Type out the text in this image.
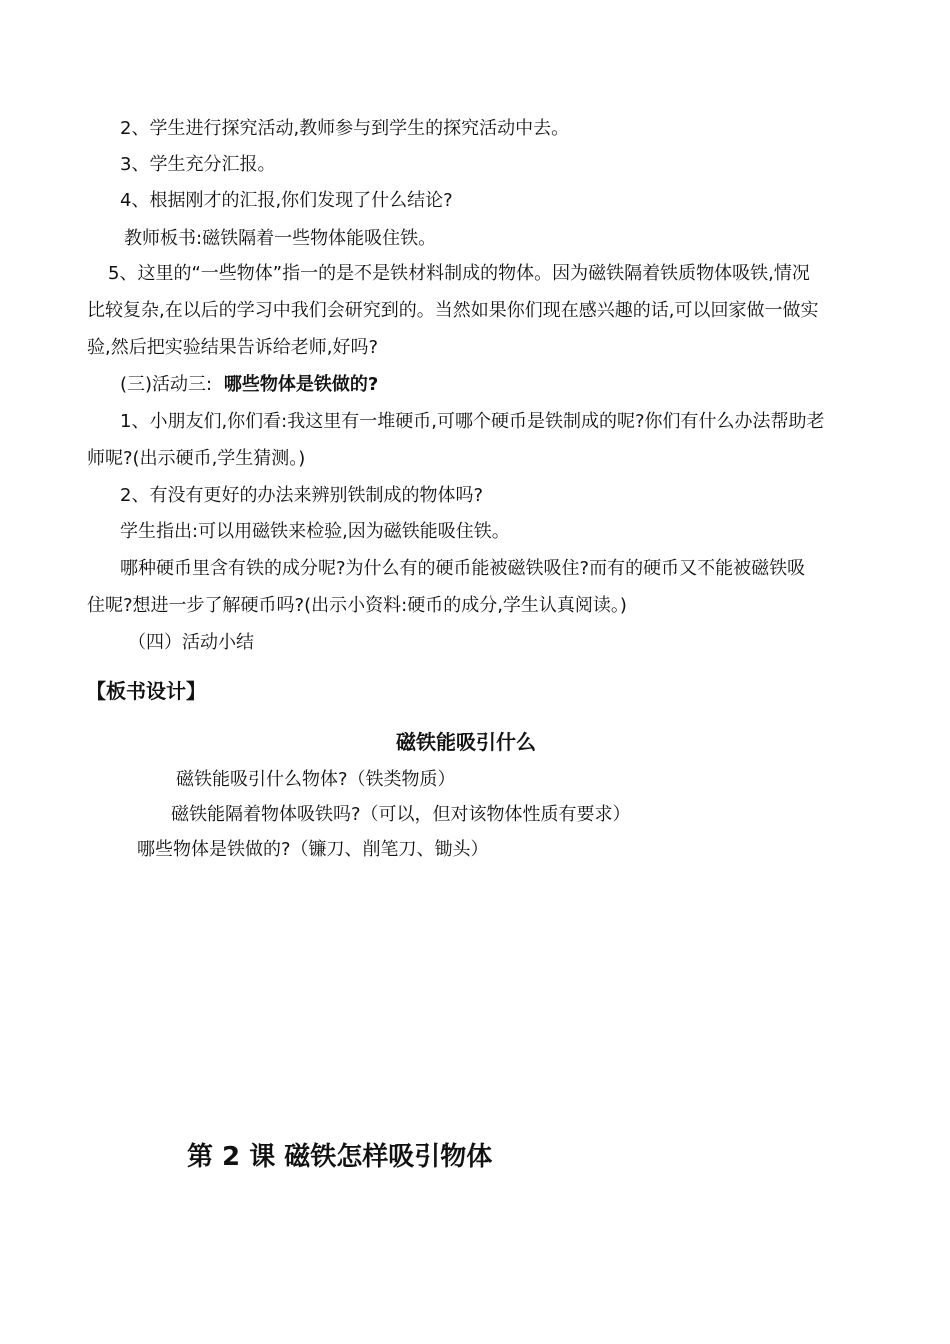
2、学生进行探究活动,教师参与到学生的探究活动中去。
3、学生充分汇报。
4、根据刚才的汇报,你们发现了什么结论?
教师板书:磁铁隔着一些物体能吸住铁。
5、这里的“一些物体”指一的是不是铁材料制成的物体。因为磁铁隔着铁质物体吸铁,情况
比较复杂,在以后的学习中我们会研究到的。当然如果你们现在感兴趣的话,可以回家做一做实
验,然后把实验结果告诉给老师,好吗?
(三)活动三: 哪些物体是铁做的?
1、小朋友们,你们看:我这里有一堆硬币,可哪个硬币是铁制成的呢?你们有什么办法帮助老
师呢?(出示硬币,学生猜测。)
2、有没有更好的办法来辨别铁制成的物体吗?
学生指出:可以用磁铁来检验,因为磁铁能吸住铁。
哪种硬币里含有铁的成分呢?为什么有的硬币能被磁铁吸住?而有的硬币又不能被磁铁吸
住呢?想进一步了解硬币吗?(出示小资料:硬币的成分,学生认真阅读。)
（四）活动小结
【板书设计】
磁铁能吸引什么
磁铁能吸引什么物体?（铁类物质）
磁铁能隔着物体吸铁吗?（可以，但对该物体性质有要求）
哪些物体是铁做的?（镰刀、削笔刀、锄头）
第 2 课 磁铁怎样吸引物体
